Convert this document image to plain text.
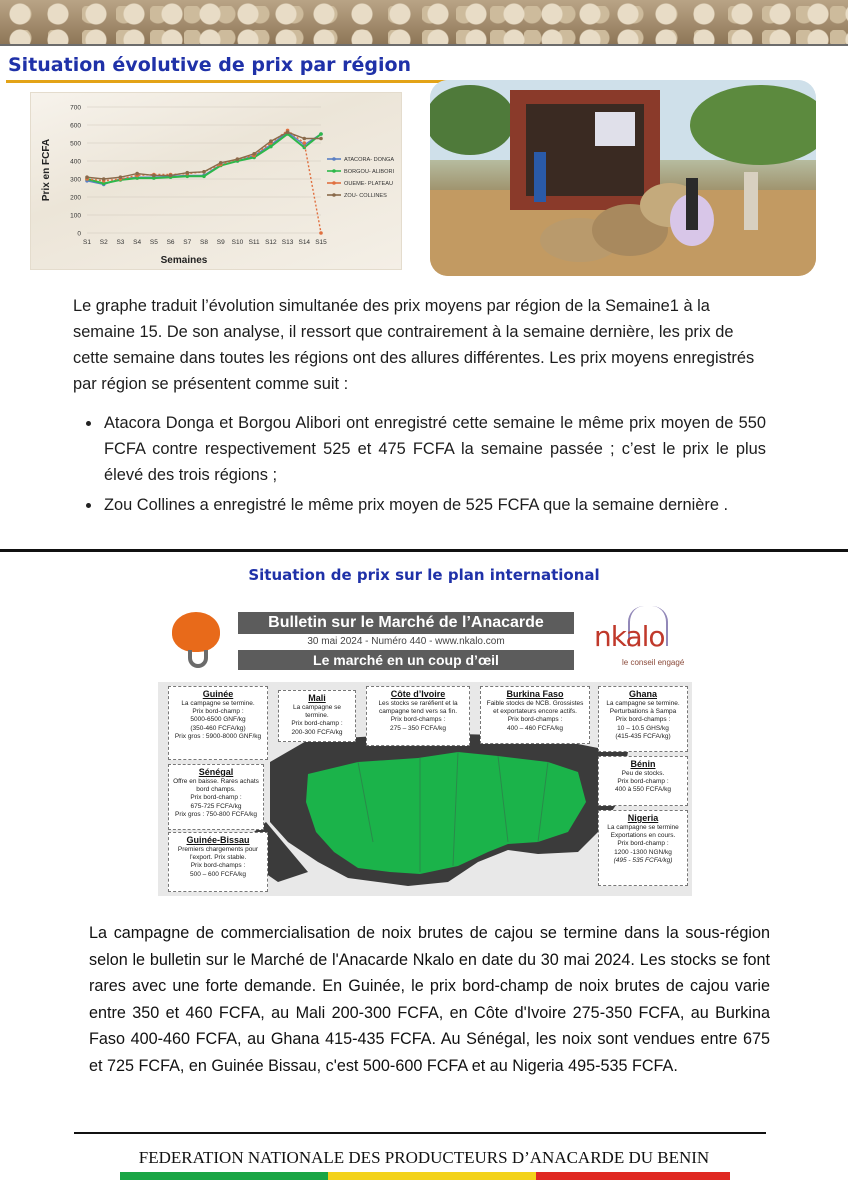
Situation évolutive de prix par région
0
100
200
300
400
500
600
700
S1 S2 S3 S4 S5 S6 S7 S8 S9 S10 S11 S12 S13 S14 S15
Semaines
Prix en FCFA	ATACORA- DONGA
BORGOU- ALIBORI
OUEME- PLATEAU
ZOU- COLLINES
Le graphe traduit l’évolution simultanée des prix moyens par région de la Semaine1 à la semaine 15. De son analyse, il ressort que contrairement à la semaine dernière, les prix de cette semaine dans toutes les régions ont des allures différentes. Les prix moyens enregistrés par région se présentent comme suit :
Atacora Donga et Borgou Alibori ont enregistré cette semaine le même prix moyen de 550 FCFA contre respectivement 525 et 475 FCFA la semaine passée ; c’est le prix le plus élevé des trois régions ;
Zou Collines a enregistré le même prix moyen de 525 FCFA que la semaine dernière .
Situation de prix sur le plan international
Bulletin sur le Marché de l’Anacarde
30 mai 2024 - Numéro 440 - www.nkalo.com
Le marché en un coup d’œil
nkalo
le conseil engagé
Guinée
La campagne se termine.
Prix bord-champ :
5000-6500 GNF/kg
(350-460 FCFA/kg)
Prix gros : 5900-8000 GNF/kg
Mali
La campagne se termine.
Prix bord-champ :
200-300 FCFA/kg
Côte d’Ivoire
Les stocks se raréfient et la
campagne tend vers sa fin.
Prix bord-champs :
275 – 350 FCFA/kg
Burkina Faso
Faible stocks de NCB. Grossistes
et exportateurs encore actifs.
Prix bord-champs :
400 – 460 FCFA/kg
Ghana
La campagne se termine.
Perturbations à Sampa
Prix bord-champs :
10 – 10.5 GHS/kg
(415-435 FCFA/kg)
Sénégal
Offre en baisse. Rares achats
bord champs.
Prix bord-champ :
675-725 FCFA/kg
Prix gros : 750-800 FCFA/kg
Bénin
Peu de stocks.
Prix bord-champ :
400 à 550 FCFA/kg
Guinée-Bissau
Premiers chargements pour
l’export. Prix stable.
Prix bord-champs :
500 – 600 FCFA/kg
Nigeria
La campagne se termine
Exportations en cours.
Prix bord-champ :
1200 -1300 NGN/kg
(495 - 535 FCFA/kg)
La campagne de commercialisation de noix brutes de cajou se termine dans la sous-région selon le bulletin sur le Marché de l'Anacarde Nkalo en date du 30 mai 2024. Les stocks se font rares avec une forte demande. En Guinée, le prix bord-champ de noix brutes de cajou varie entre 350 et 460 FCFA, au Mali 200-300 FCFA, en Côte d'Ivoire 275-350 FCFA, au Burkina Faso 400-460 FCFA, au Ghana 415-435 FCFA. Au Sénégal, les noix sont vendues entre 675 et 725 FCFA, en Guinée Bissau, c'est 500-600 FCFA et au Nigeria 495-535 FCFA.
FEDERATION NATIONALE DES PRODUCTEURS D’ANACARDE DU BENIN
